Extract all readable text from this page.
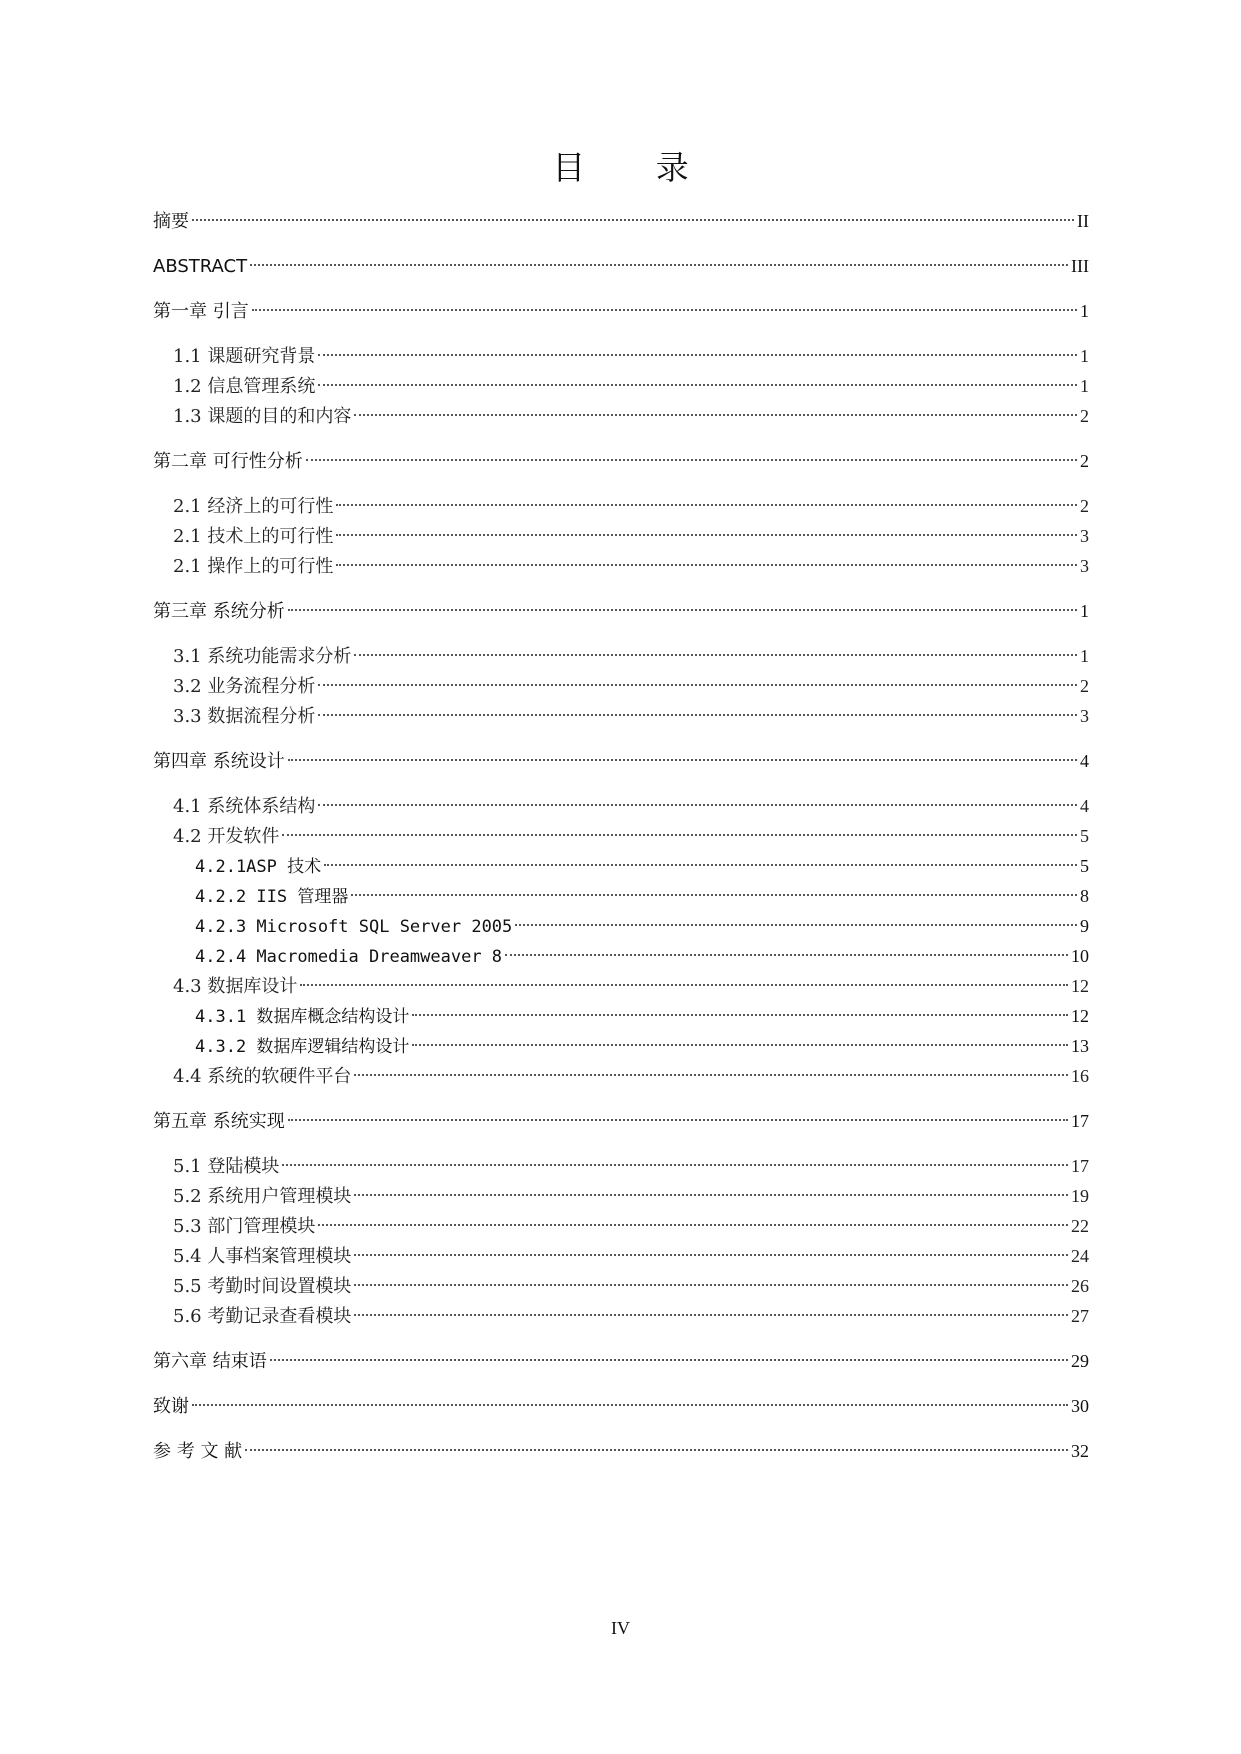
目 录
摘要	II
ABSTRACT	III
第一章 引言	1
1.1 课题研究背景	1
1.2 信息管理系统	1
1.3 课题的目的和内容	2
第二章 可行性分析	2
2.1 经济上的可行性	2
2.1 技术上的可行性	3
2.1 操作上的可行性	3
第三章 系统分析	1
3.1 系统功能需求分析	1
3.2 业务流程分析	2
3.3 数据流程分析	3
第四章 系统设计	4
4.1 系统体系结构	4
4.2 开发软件	5
4.2.1ASP 技术	5
4.2.2 IIS 管理器	8
4.2.3 Microsoft SQL Server 2005	9
4.2.4 Macromedia Dreamweaver 8	10
4.3 数据库设计	12
4.3.1 数据库概念结构设计	12
4.3.2 数据库逻辑结构设计	13
4.4 系统的软硬件平台	16
第五章 系统实现	17
5.1 登陆模块	17
5.2 系统用户管理模块	19
5.3 部门管理模块	22
5.4 人事档案管理模块	24
5.5 考勤时间设置模块	26
5.6 考勤记录查看模块	27
第六章 结束语	29
致谢	30
参 考 文 献	32
IV
